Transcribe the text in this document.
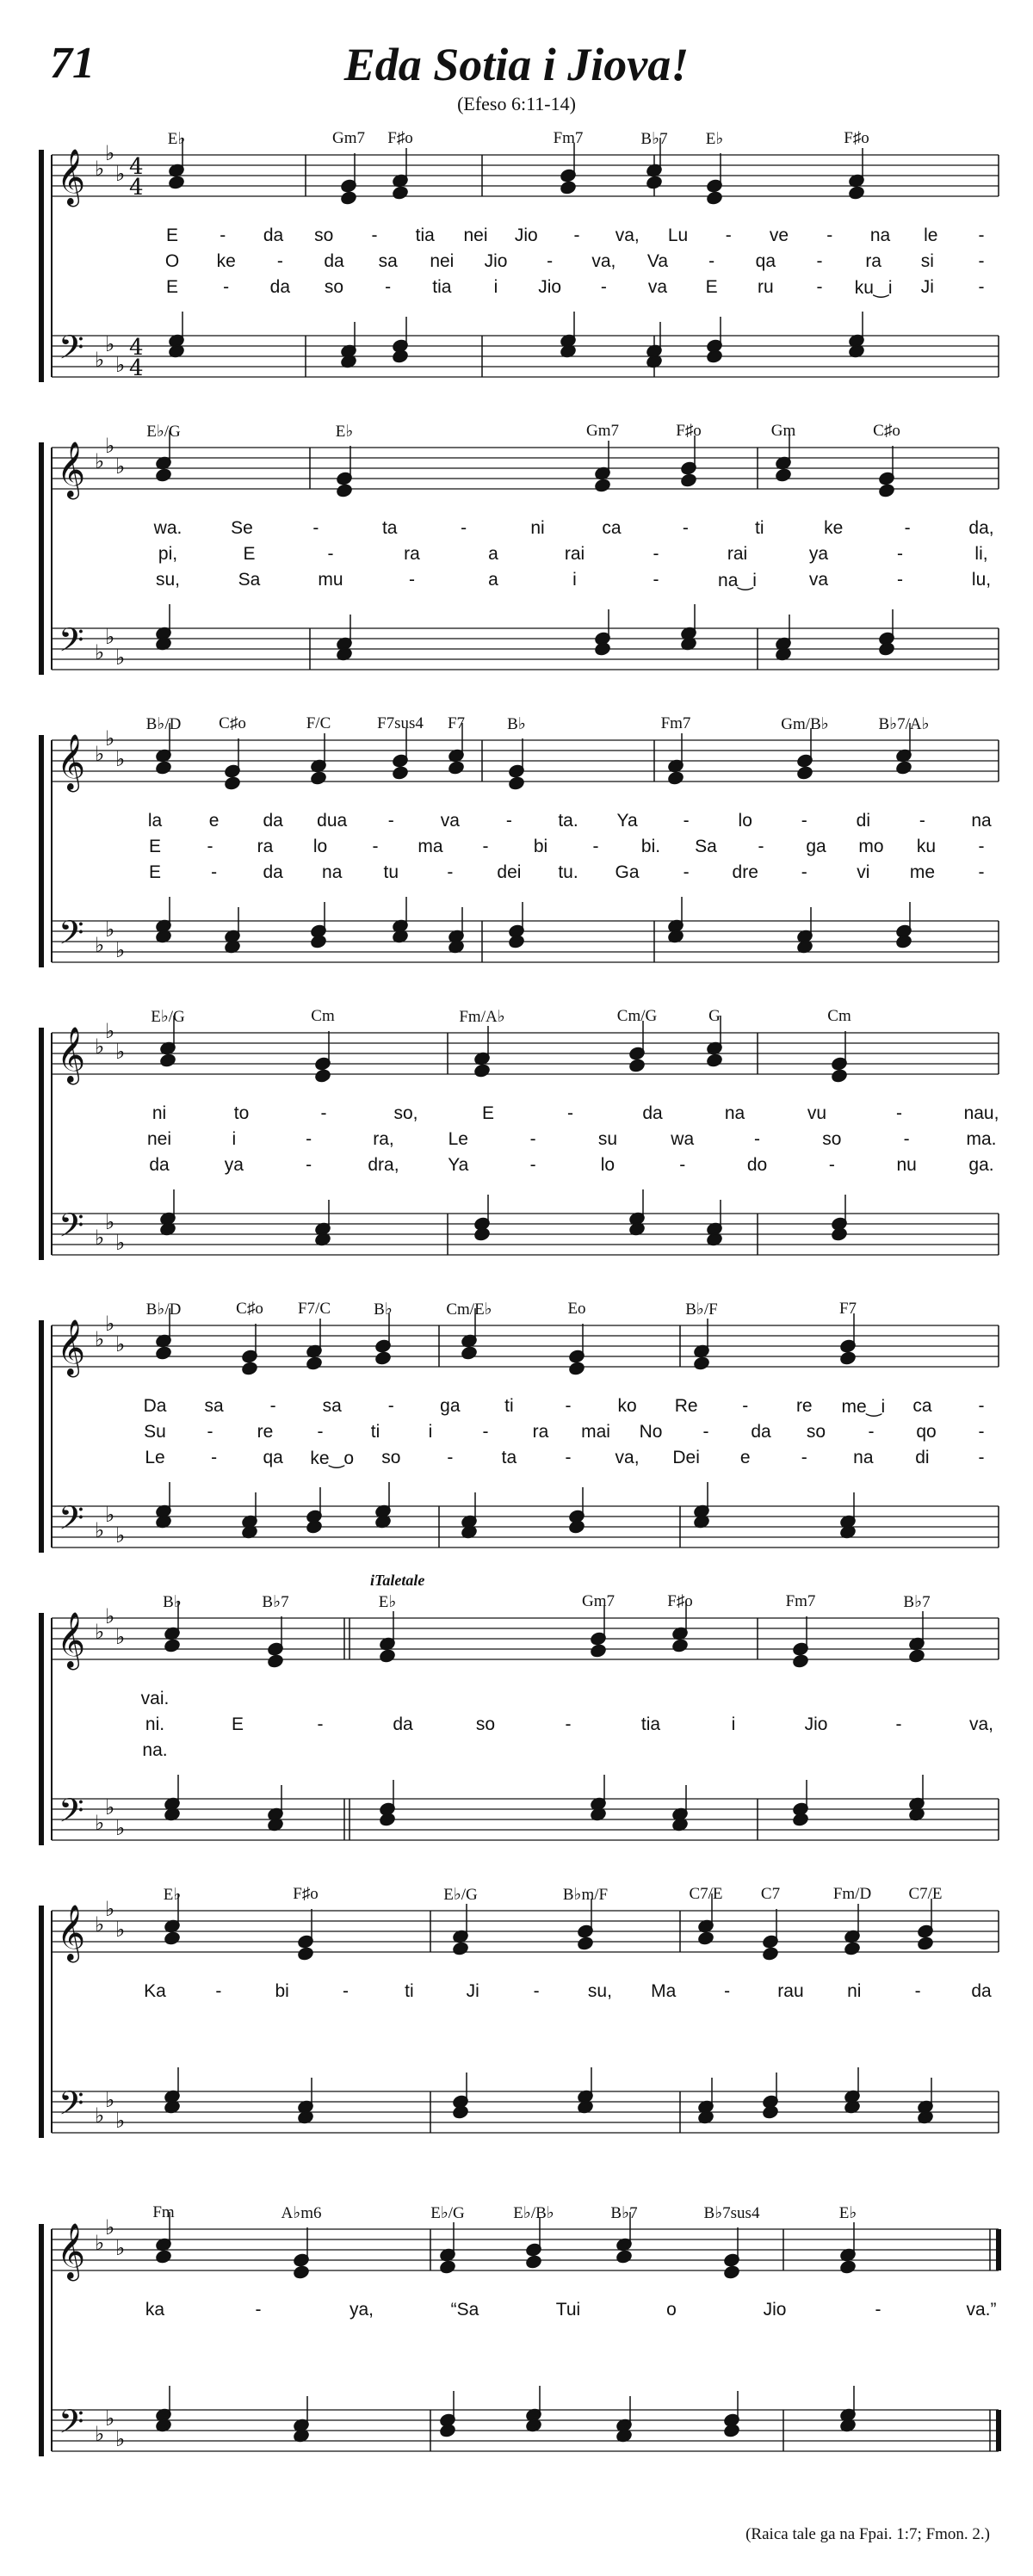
71	Eda Sotia i Jiova!
(Efeso 6:11-14)
𝄞
𝄢
♭
♭
♭
♭
♭
♭
4
4
4
4
E♭	Gm7 F♯o	Fm7	B♭7 E♭	F♯o
E - da so - tia nei Jio - va, Lu - ve - na le -
O ke - da sa nei Jio - va, Va - qa - ra si -
E - da so - tia i Jio - va E ru - ku‿i Ji -
𝄞
𝄢
♭
♭
♭
♭
♭
♭
E♭/G	E♭	Gm7	F♯o	Gm	C♯o
wa.	Se	-	ta	-	ni	ca	-	ti	ke	-	da,
pi,	E	-	ra	a	rai	-	rai	ya	-	li,
su,	Sa	mu	-	a	i	-	na‿i	va	-	lu,
𝄞
𝄢
♭
♭
♭
♭
♭
♭
B♭/D C♯o	F/C	F7sus4 F7	B♭	Fm7	Gm/B♭	B♭7/A♭
la	e da dua -	va	-	ta. Ya	-	lo	-	di	-	na
E	- ra lo - ma - bi - bi. Sa - ga mo ku -
E	-	da na tu	- dei tu. Ga - dre -	vi me -
𝄞
𝄢
♭
♭
♭
♭
♭
♭
E♭/G	Cm	Fm/A♭	Cm/G	G	Cm
ni	to	-	so,	E	-	da	na	vu	-	nau,
nei	i	-	ra,	Le	-	su	wa	-	so	-	ma.
da	ya	-	dra,	Ya	-	lo	-	do	-	nu	ga.
𝄞
𝄢
♭
♭
♭
♭
♭
♭
B♭/D	C♯o F7/C	B♭	Cm/E♭	Eo	B♭/F	F7
Da sa	-	sa	-	ga ti	-	ko Re -	re me‿i ca	-
Su - re -	ti	i	- ra mai No - da so - qo -
Le	-	qa ke‿o so	-	ta	- va, Dei e	-	na di	-
𝄞
𝄢
♭
♭
♭
♭
♭
♭
B♭	B♭7	E♭	Gm7	F♯o	Fm7	B♭7
iTaletale
vai.
ni.	E	-	da	so	-	tia	i	Jio	-	va,
na.
𝄞
𝄢
♭
♭
♭
♭
♭
♭
E♭	F♯o	E♭/G	B♭m/F	C7/E C7	Fm/D C7/E
Ka	-	bi	-	ti	Ji	-	su, Ma	-	rau ni	-	da
𝄞
𝄢
♭
♭
♭
♭
♭
♭
Fm	A♭m6	E♭/G	E♭/B♭	B♭7	B♭7sus4	E♭
ka	-	ya,	“Sa	Tui	o	Jio	-	va.”
(Raica tale ga na Fpai. 1:7; Fmon. 2.)
